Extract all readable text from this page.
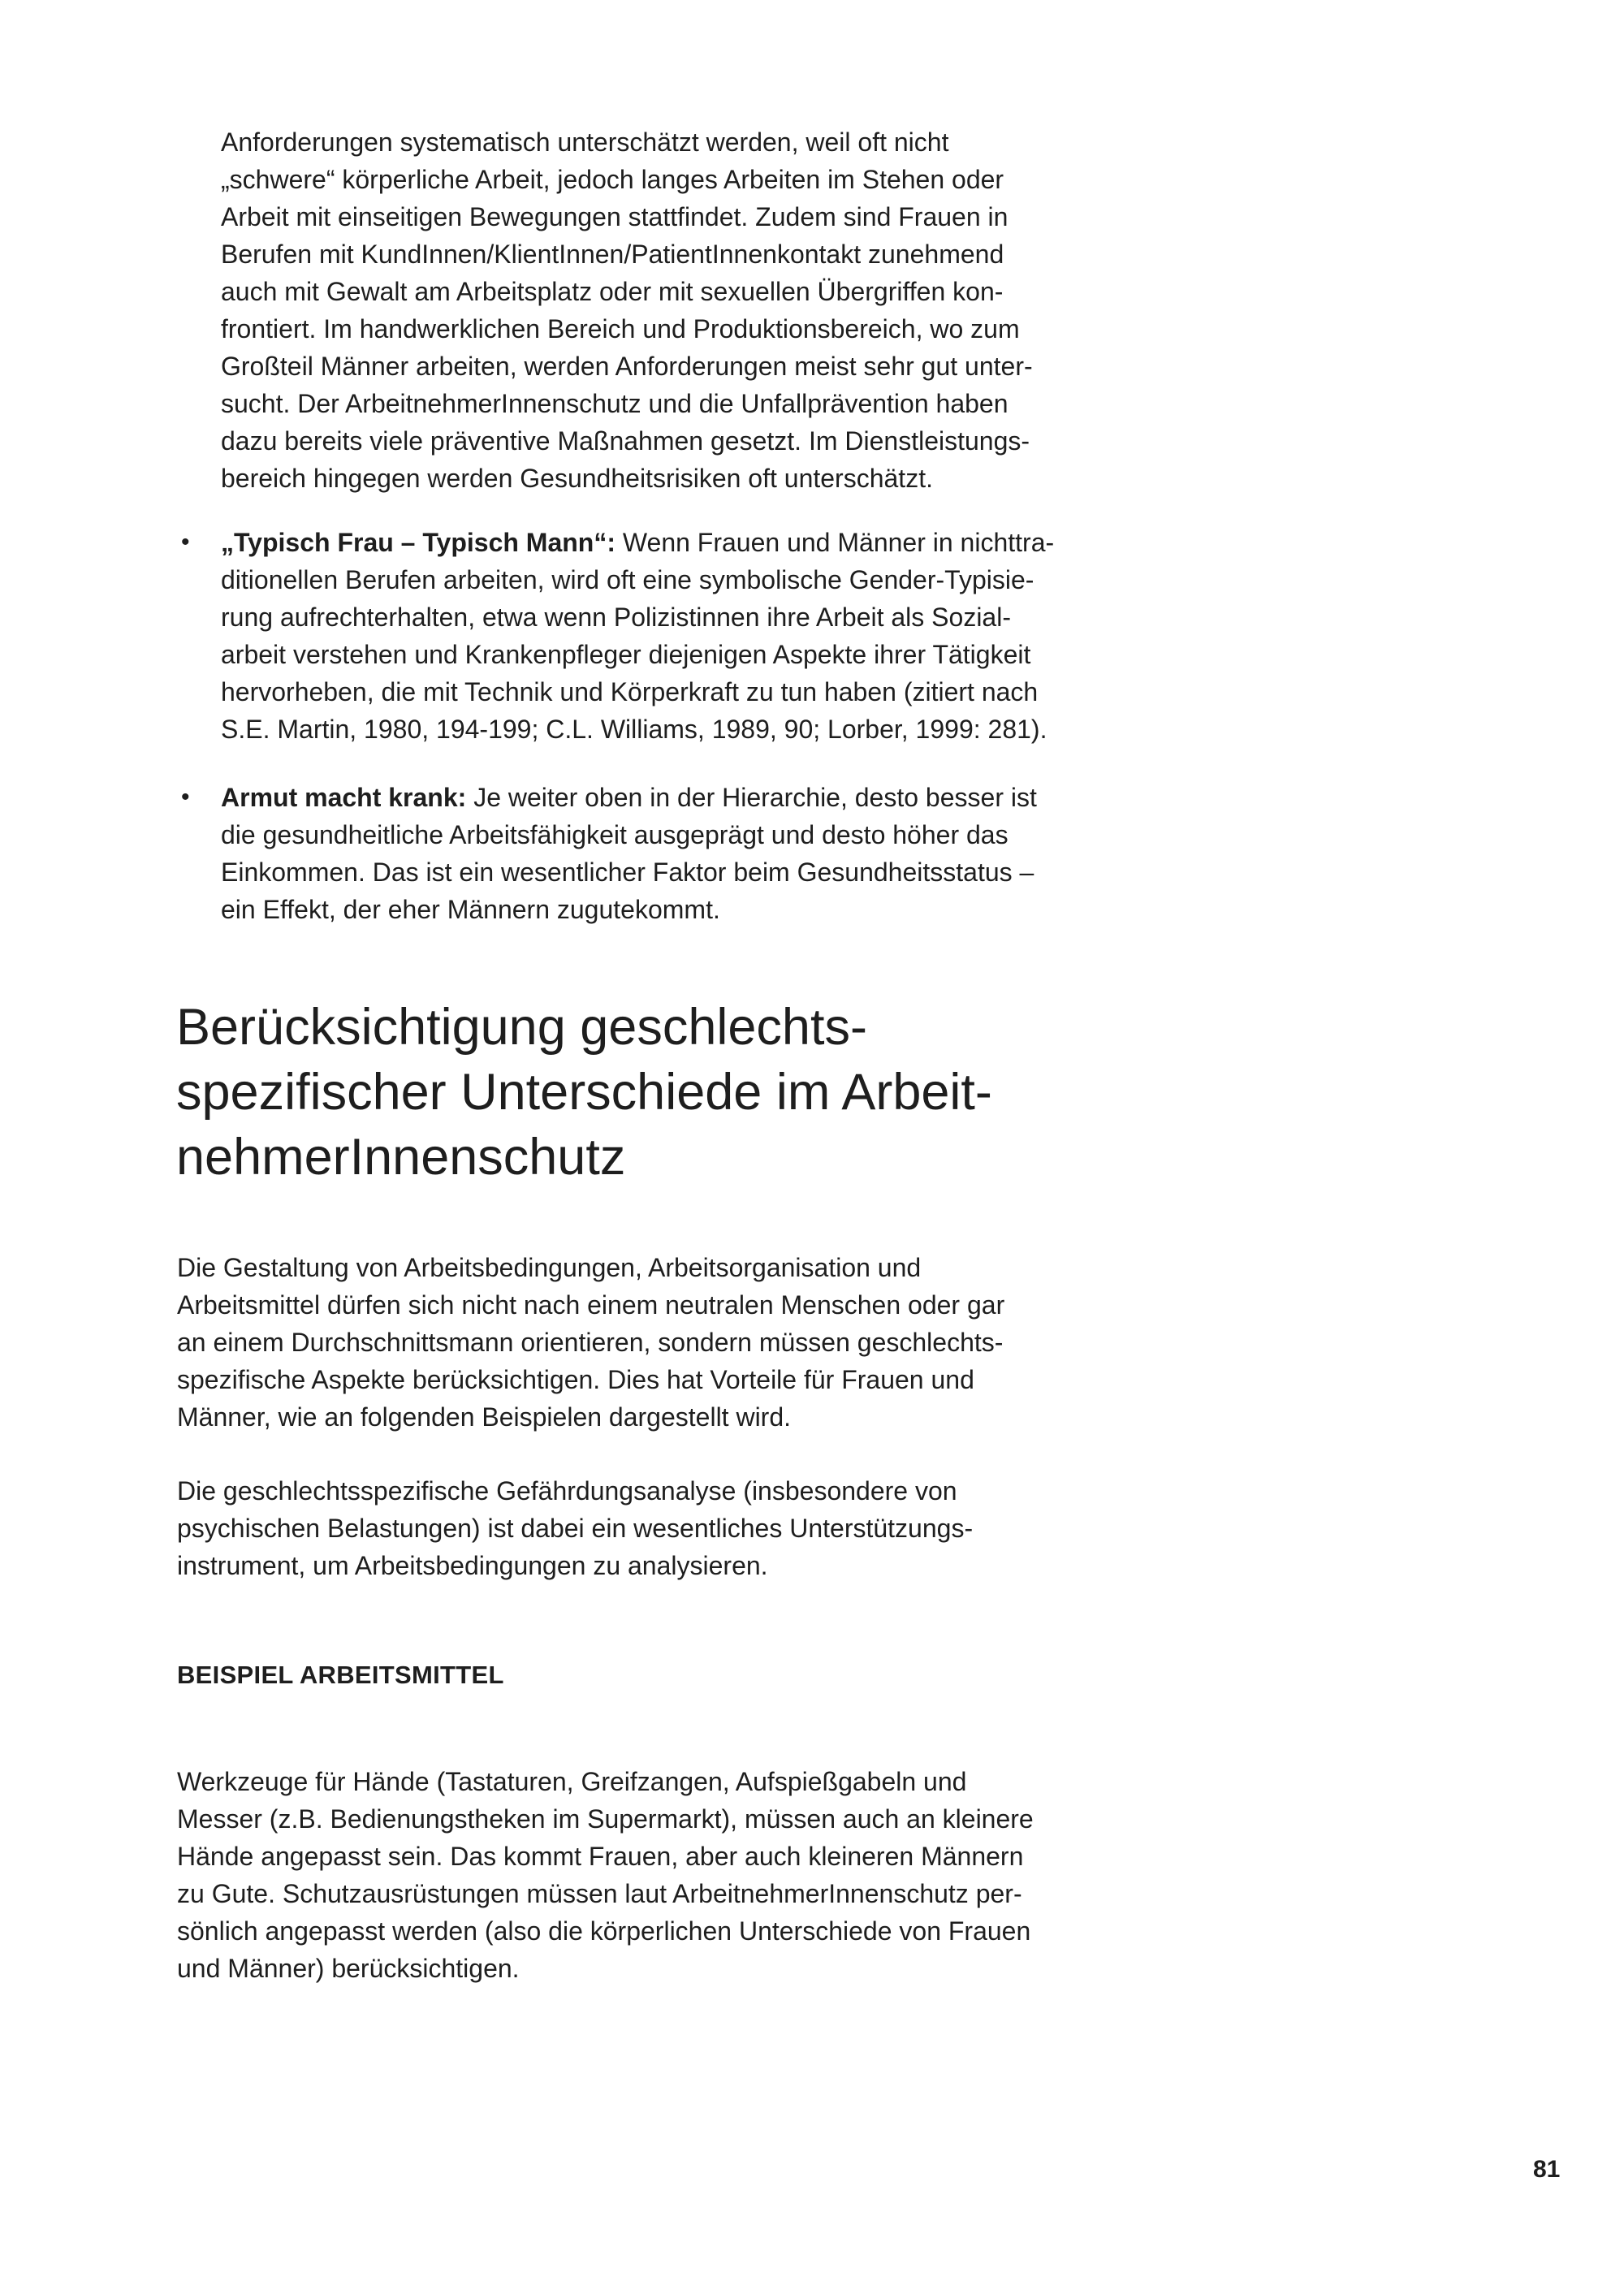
Anforderungen systematisch unterschätzt werden, weil oft nicht
„schwere“ körperliche Arbeit, jedoch langes Arbeiten im Stehen oder
Arbeit mit einseitigen Bewegungen stattfindet. Zudem sind Frauen in
Berufen mit KundInnen/KlientInnen/PatientInnenkontakt zunehmend
auch mit Gewalt am Arbeitsplatz oder mit sexuellen Übergriffen kon-
frontiert. Im handwerklichen Bereich und Produktionsbereich, wo zum
Großteil Männer arbeiten, werden Anforderungen meist sehr gut unter-
sucht. Der ArbeitnehmerInnenschutz und die Unfallprävention haben
dazu bereits viele präventive Maßnahmen gesetzt. Im Dienstleistungs-
bereich hingegen werden Gesundheitsrisiken oft unterschätzt.

• „Typisch Frau – Typisch Mann“: Wenn Frauen und Männer in nichttra-
ditionellen Berufen arbeiten, wird oft eine symbolische Gender-Typisie-
rung aufrechterhalten, etwa wenn Polizistinnen ihre Arbeit als Sozial-
arbeit verstehen und Krankenpfleger diejenigen Aspekte ihrer Tätigkeit
hervorheben, die mit Technik und Körperkraft zu tun haben (zitiert nach
S.E. Martin, 1980, 194-199; C.L. Williams, 1989, 90; Lorber, 1999: 281).
• Armut macht krank: Je weiter oben in der Hierarchie, desto besser ist
die gesundheitliche Arbeitsfähigkeit ausgeprägt und desto höher das
Einkommen. Das ist ein wesentlicher Faktor beim Gesundheitsstatus –
ein Effekt, der eher Männern zugutekommt.
Berücksichtigung geschlechts-
spezifischer Unterschiede im Arbeit-
nehmerInnenschutz

Die Gestaltung von Arbeitsbedingungen, Arbeitsorganisation und
Arbeitsmittel dürfen sich nicht nach einem neutralen Menschen oder gar
an einem Durchschnittsmann orientieren, sondern müssen geschlechts-
spezifische Aspekte berücksichtigen. Dies hat Vorteile für Frauen und
Männer, wie an folgenden Beispielen dargestellt wird.

Die geschlechtsspezifische Gefährdungsanalyse (insbesondere von
psychischen Belastungen) ist dabei ein wesentliches Unterstützungs-
instrument, um Arbeitsbedingungen zu analysieren.

BEISPIEL ARBEITSMITTEL

Werkzeuge für Hände (Tastaturen, Greifzangen, Aufspießgabeln und
Messer (z.B. Bedienungstheken im Supermarkt), müssen auch an kleinere
Hände angepasst sein. Das kommt Frauen, aber auch kleineren Männern
zu Gute. Schutzausrüstungen müssen laut ArbeitnehmerInnenschutz per-
sönlich angepasst werden (also die körperlichen Unterschiede von Frauen
und Männer) berücksichtigen.

81
